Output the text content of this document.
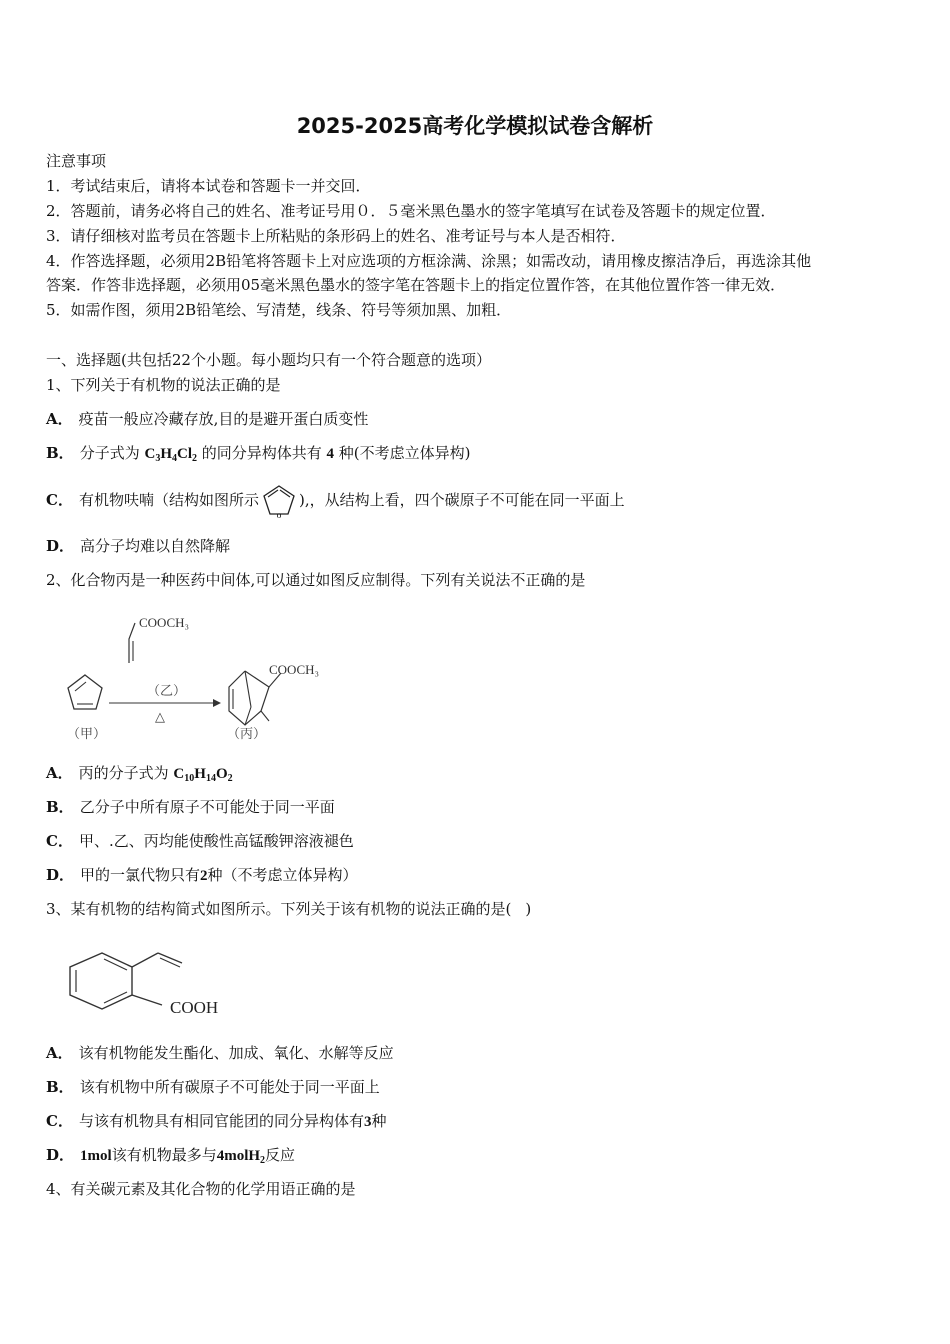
2025-2025高考化学模拟试卷含解析
注意事项
1．考试结束后，请将本试卷和答题卡一并交回．
2．答题前，请务必将自己的姓名、准考证号用０．５毫米黑色墨水的签字笔填写在试卷及答题卡的规定位置．
3．请仔细核对监考员在答题卡上所粘贴的条形码上的姓名、准考证号与本人是否相符．
4．作答选择题，必须用2B铅笔将答题卡上对应选项的方框涂满、涂黑；如需改动，请用橡皮擦洁净后，再选涂其他
答案．作答非选择题，必须用05毫米黑色墨水的签字笔在答题卡上的指定位置作答，在其他位置作答一律无效．
5．如需作图，须用2B铅笔绘、写清楚，线条、符号等须加黑、加粗．
一、选择题(共包括22个小题。每小题均只有一个符合题意的选项）
1、下列关于有机物的说法正确的是
A． 疫苗一般应冷藏存放,目的是避开蛋白质变性
B． 分子式为 $C_3H_4Cl_2$ 的同分异构体共有 4 种(不考虑立体异构)
C． 有机物呋喃（结构如图所示
o
),，从结构上看，四个碳原子不可能在同一平面上
D． 高分子均难以自然降解
2、化合物丙是一种医药中间体,可以通过如图反应制得。下列有关说法不正确的是
COOCH₃
（甲）
（乙）
△
COOCH₃
（丙）
A． 丙的分子式为 $C_{10}H_{14}O_2$
B． 乙分子中所有原子不可能处于同一平面
C． 甲、.乙、丙均能使酸性高锰酸钾溶液褪色
D． 甲的一氯代物只有2种（不考虑立体异构）
3、某有机物的结构简式如图所示。下列关于该有机物的说法正确的是( )
COOH
A． 该有机物能发生酯化、加成、氧化、水解等反应
B． 该有机物中所有碳原子不可能处于同一平面上
C． 与该有机物具有相同官能团的同分异构体有3种
D． 1mol该有机物最多与4molH$_2$反应
4、有关碳元素及其化合物的化学用语正确的是
